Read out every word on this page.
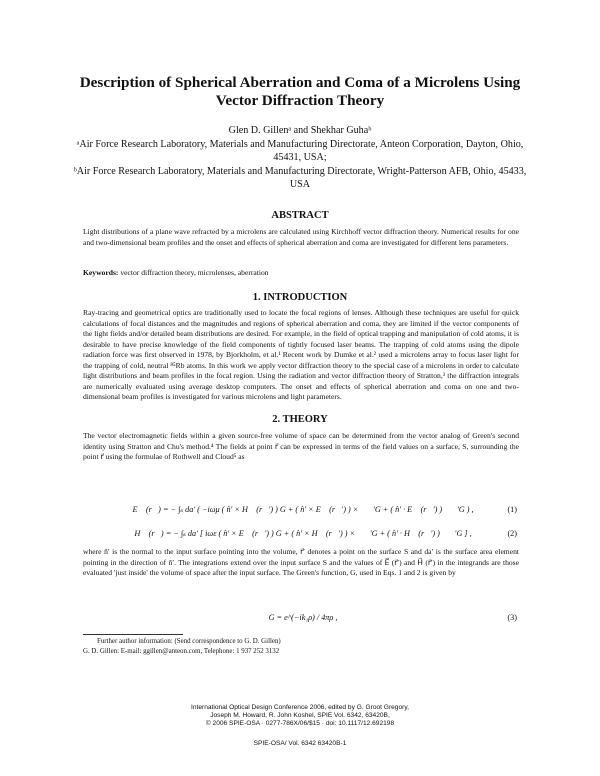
Description of Spherical Aberration and Coma of a Microlens Using Vector Diffraction Theory
Glen D. Gillenᵃ and Shekhar Guhaᵇ
ᵃAir Force Research Laboratory, Materials and Manufacturing Directorate, Anteon Corporation, Dayton, Ohio, 45431, USA;
ᵇAir Force Research Laboratory, Materials and Manufacturing Directorate, Wright-Patterson AFB, Ohio, 45433, USA
ABSTRACT

Light distributions of a plane wave refracted by a microlens are calculated using Kirchhoff vector diffraction theory. Numerical results for one and two-dimensional beam profiles and the onset and effects of spherical aberration and coma are investigated for different lens parameters.

Keywords: vector diffraction theory, microlenses, aberration

1. INTRODUCTION

Ray-tracing and geometrical optics are traditionally used to locate the focal regions of lenses. Although these techniques are useful for quick calculations of focal distances and the magnitudes and regions of spherical aberration and coma, they are limited if the vector components of the light fields and/or detailed beam distributions are desired. For example, in the field of optical trapping and manipulation of cold atoms, it is desirable to have precise knowledge of the field components of tightly focused laser beams. The trapping of cold atoms using the dipole radiation force was first observed in 1978, by Bjorkholm, et al.¹ Recent work by Dumke et al.² used a microlens array to focus laser light for the trapping of cold, neutral ⁸⁵Rb atoms. In this work we apply vector diffraction theory to the special case of a microlens in order to calculate light distributions and beam profiles in the focal region. Using the radiation and vector diffraction theory of Stratton,³ the diffraction integrals are numerically evaluated using average desktop computers. The onset and effects of spherical aberration and coma on one and two-dimensional beam profiles is investigated for various microlens and light parameters.

2. THEORY

The vector electromagnetic fields within a given source-free volume of space can be determined from the vector analog of Green's second identity using Stratton and Chu's method.⁴ The fields at point r⃗ can be expressed in terms of the field values on a surface, S, surrounding the point r⃗ using the formulae of Rothwell and Cloud⁵ as

E⃗ (r⃗) = − ∫ₛ da′ ( −iωμ ( n̂′ × H⃗ (r⃗′) ) G + ( n̂′ × E⃗ (r⃗′) ) × ∇⃗′G + ( n̂′ · E⃗ (r⃗′) ) ∇⃗′G ) ,	(1)
H⃗ (r⃗) = − ∫ₛ da′ [ iωε ( n̂′ × E⃗ (r⃗′) ) G + ( n̂′ × H⃗ (r⃗′) ) × ∇⃗′G + ( n̂′ · H⃗ (r⃗′) ) ∇⃗′G ] ,	(2)

where n̂′ is the normal to the input surface pointing into the volume, r⃗′ denotes a point on the surface S and da′ is the surface area element pointing in the direction of n̂′. The integrations extend over the input surface S and the values of E⃗ (r⃗′) and H⃗ (r⃗′) in the integrands are those evaluated 'just inside' the volume of space after the input surface. The Green's function, G, used in Eqs. 1 and 2 is given by

G = e^(−ik₁ρ) / 4πρ ,	(3)

Further author information: (Send correspondence to G. D. Gillen)

G. D. Gillen: E-mail: ggillen@anteon.com, Telephone: 1 937 252 3132

International Optical Design Conference 2006, edited by G. Groot Gregory,
Joseph M. Howard, R. John Koshel, SPIE Vol. 6342, 63420B,
© 2006 SPIE-OSA · 0277-786X/06/$15 · doi: 10.1117/12.692198

SPIE-OSA/ Vol. 6342 63420B-1
